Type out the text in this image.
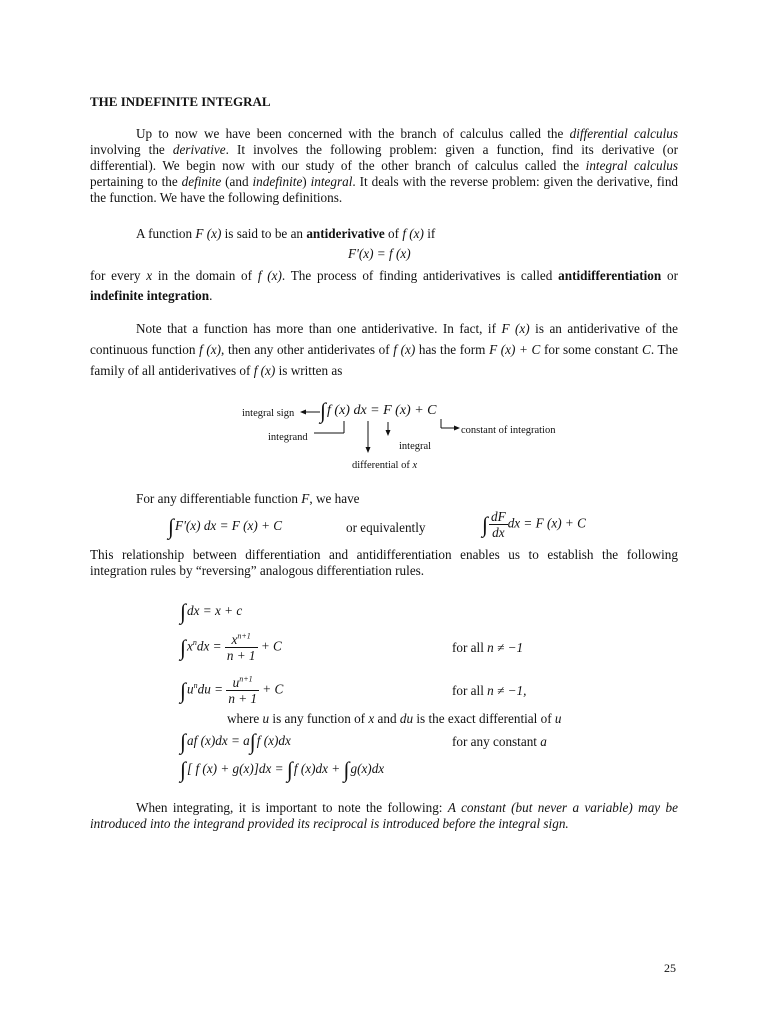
THE INDEFINITE INTEGRAL
Up to now we have been concerned with the branch of calculus called the differential calculus involving the derivative. It involves the following problem: given a function, find its derivative (or differential). We begin now with our study of the other branch of calculus called the integral calculus pertaining to the definite (and indefinite) integral. It deals with the reverse problem: given the derivative, find the function. We have the following definitions.
A function F (x) is said to be an antiderivative of f (x) if
F'(x) = f (x)
for every x in the domain of f (x). The process of finding antiderivatives is called antidifferentiation or indefinite integration.
Note that a function has more than one antiderivative. In fact, if F (x) is an antiderivative of the continuous function f (x), then any other antiderivates of f (x) has the form F (x) + C for some constant C. The family of all antiderivatives of f (x) is written as
integral sign ∫f (x) dx = F (x) + C
integrand
integral
constant of integration
differential of x
For any differentiable function F, we have
∫F'(x) dx = F (x) + C	or equivalently	∫ $\frac{dF}{dx}$ dx = F (x) + C
This relationship between differentiation and antidifferentiation enables us to establish the following integration rules by “reversing” analogous differentiation rules.
∫dx = x + c
$\int x^ndx = \frac{x^{n+1}}{n + 1} + C$	for all n ≠ −1
$\int u^ndu = \frac{u^{n+1}}{n + 1} + C$	for all n ≠ −1,
where u is any function of x and du is the exact differential of u
∫af (x)dx = a∫f (x)dx	for any constant a
∫[ f (x) + g(x)]dx = ∫f (x)dx + ∫g(x)dx
When integrating, it is important to note the following: A constant (but never a variable) may be introduced into the integrand provided its reciprocal is introduced before the integral sign.
25
